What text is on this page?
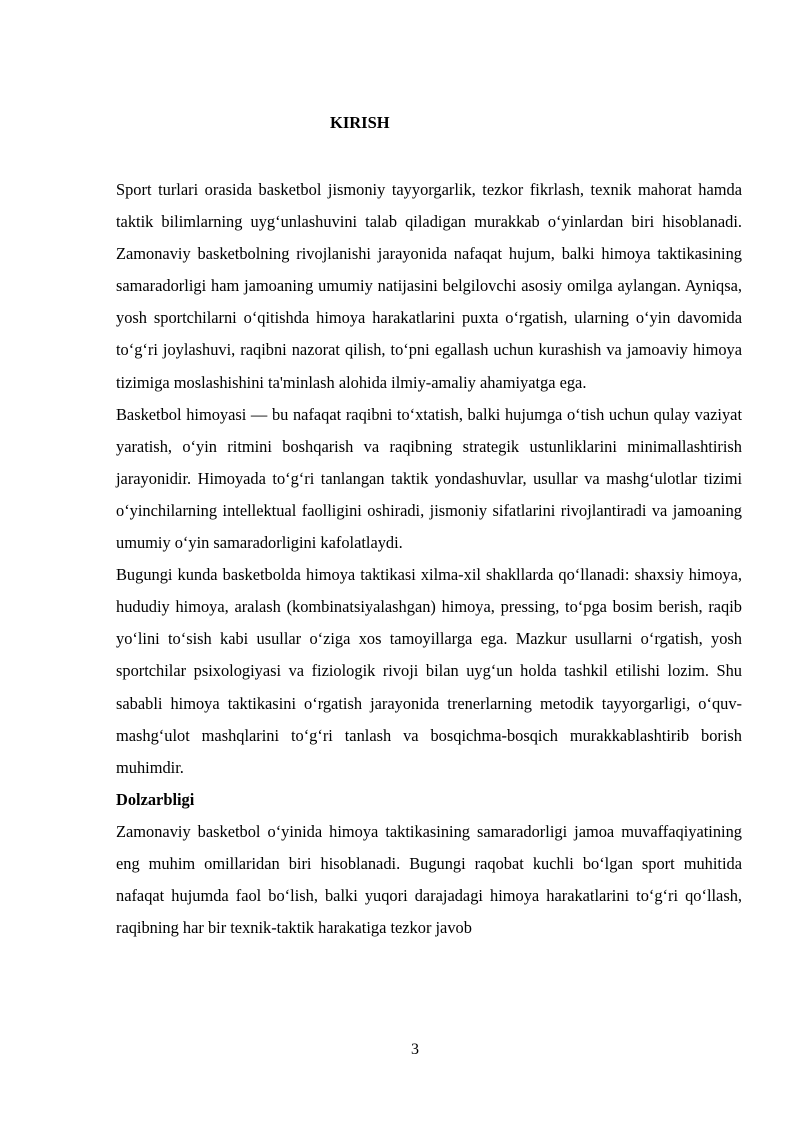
KIRISH

Sport turlari orasida basketbol jismoniy tayyorgarlik, tezkor fikrlash, texnik mahorat hamda taktik bilimlarning uyg‘unlashuvini talab qiladigan murakkab o‘yinlardan biri hisoblanadi. Zamonaviy basketbolning rivojlanishi jarayonida nafaqat hujum, balki himoya taktikasining samaradorligi ham jamoaning umumiy natijasini belgilovchi asosiy omilga aylangan. Ayniqsa, yosh sportchilarni o‘qitishda himoya harakatlarini puxta o‘rgatish, ularning o‘yin davomida to‘g‘ri joylashuvi, raqibni nazorat qilish, to‘pni egallash uchun kurashish va jamoaviy himoya tizimiga moslashishini ta'minlash alohida ilmiy-amaliy ahamiyatga ega.

Basketbol himoyasi — bu nafaqat raqibni to‘xtatish, balki hujumga o‘tish uchun qulay vaziyat yaratish, o‘yin ritmini boshqarish va raqibning strategik ustunliklarini minimallashtirish jarayonidir. Himoyada to‘g‘ri tanlangan taktik yondashuvlar, usullar va mashg‘ulotlar tizimi o‘yinchilarning intellektual faolligini oshiradi, jismoniy sifatlarini rivojlantiradi va jamoaning umumiy o‘yin samaradorligini kafolatlaydi.

Bugungi kunda basketbolda himoya taktikasi xilma-xil shakllarda qo‘llanadi: shaxsiy himoya, hududiy himoya, aralash (kombinatsiyalashgan) himoya, pressing, to‘pga bosim berish, raqib yo‘lini to‘sish kabi usullar o‘ziga xos tamoyillarga ega. Mazkur usullarni o‘rgatish, yosh sportchilar psixologiyasi va fiziologik rivoji bilan uyg‘un holda tashkil etilishi lozim. Shu sababli himoya taktikasini o‘rgatish jarayonida trenerlarning metodik tayyorgarligi, o‘quv-mashg‘ulot mashqlarini to‘g‘ri tanlash va bosqichma-bosqich murakkablashtirib borish muhimdir.

Dolzarbligi

Zamonaviy basketbol o‘yinida himoya taktikasining samaradorligi jamoa muvaffaqiyatining eng muhim omillaridan biri hisoblanadi. Bugungi raqobat kuchli bo‘lgan sport muhitida nafaqat hujumda faol bo‘lish, balki yuqori darajadagi himoya harakatlarini to‘g‘ri qo‘llash, raqibning har bir texnik-taktik harakatiga tezkor javob

3
